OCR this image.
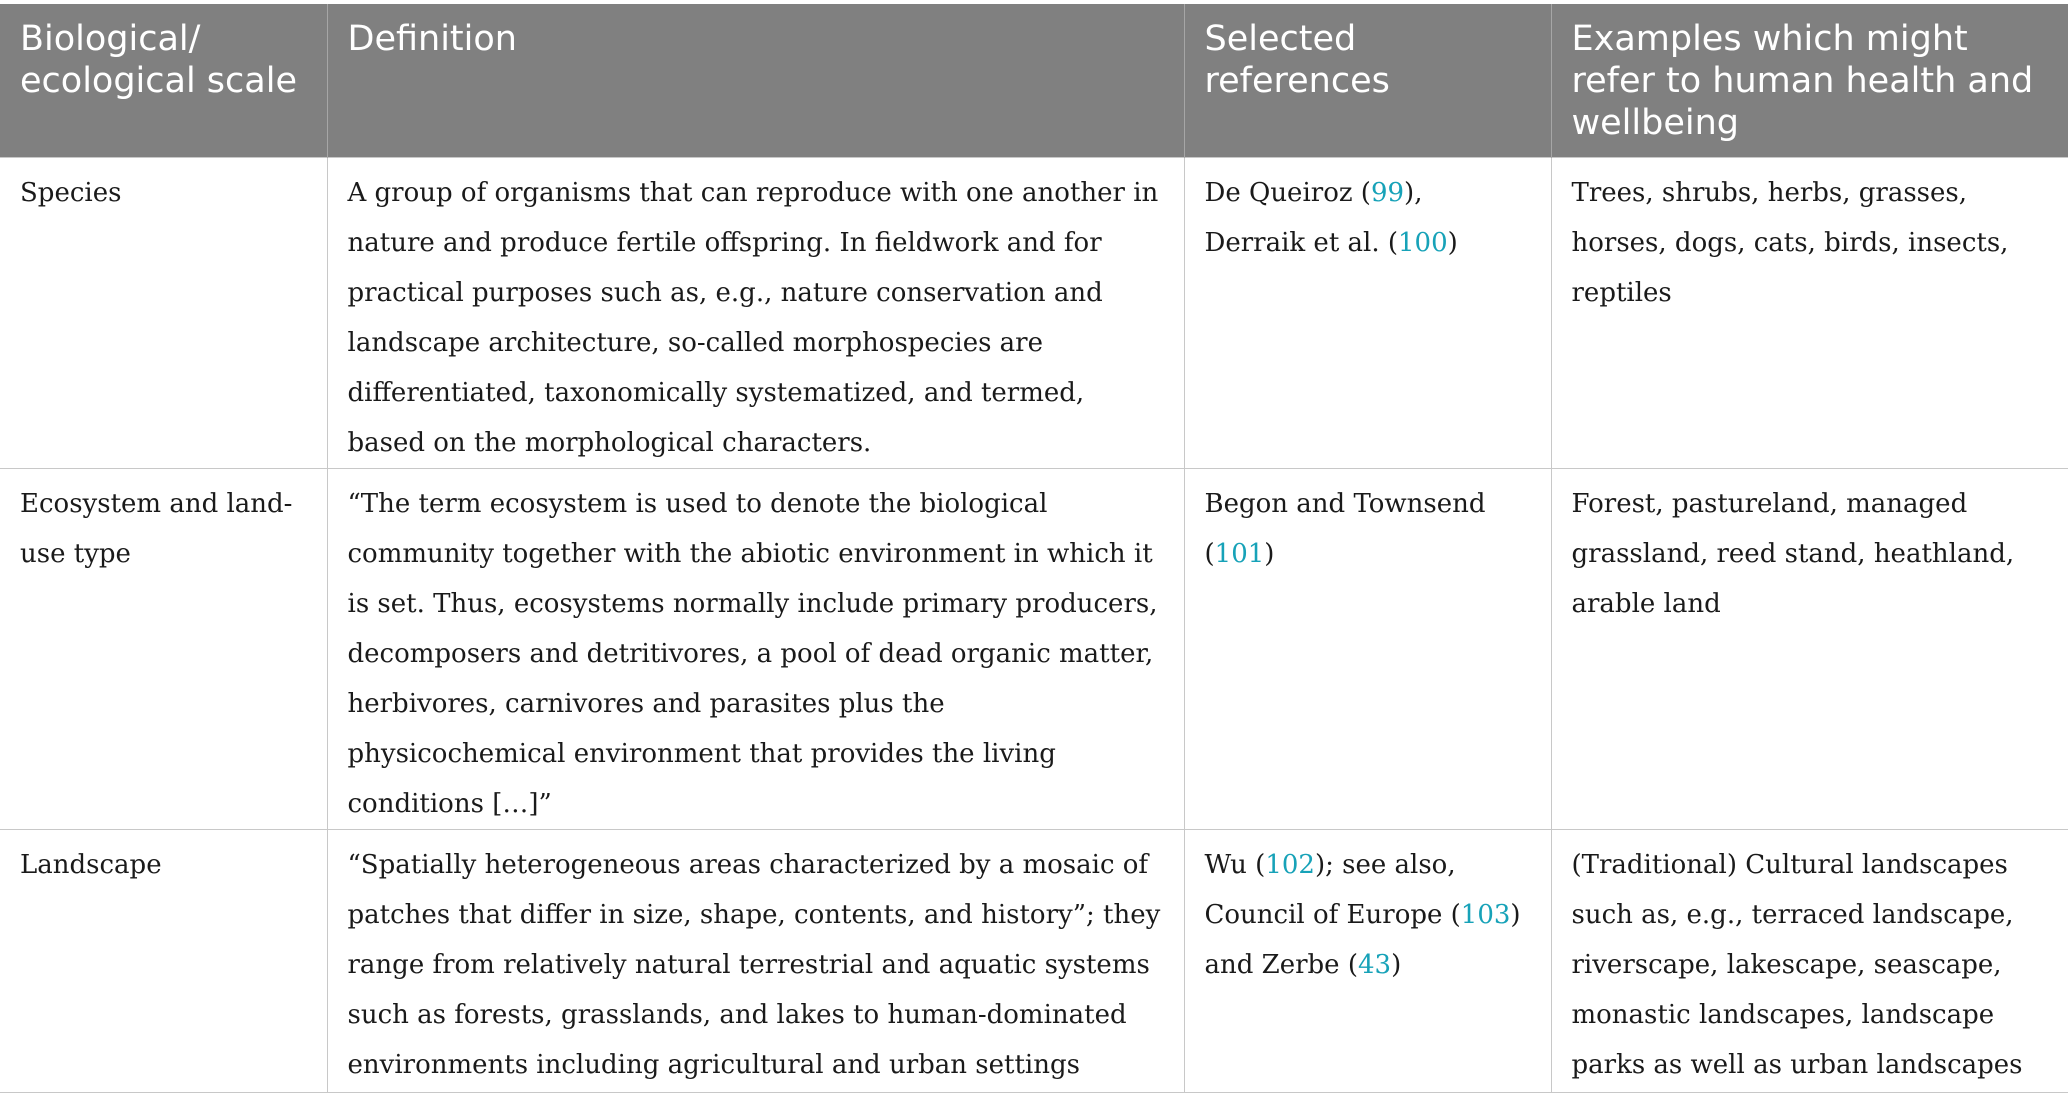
Biological/ ecological scale	Definition	Selected references	Examples which might refer to human health and wellbeing
Species	A group of organisms that can reproduce with one another in nature and produce fertile offspring. In fieldwork and for practical purposes such as, e.g., nature conservation and landscape architecture, so-called morphospecies are differentiated, taxonomically systematized, and termed, based on the morphological characters.	De Queiroz (99), Derraik et al. (100)	Trees, shrubs, herbs, grasses, horses, dogs, cats, birds, insects, reptiles
Ecosystem and land-use type	“The term ecosystem is used to denote the biological community together with the abiotic environment in which it is set. Thus, ecosystems normally include primary producers, decomposers and detritivores, a pool of dead organic matter, herbivores, carnivores and parasites plus the physicochemical environment that provides the living conditions […]”	Begon and Townsend (101)	Forest, pastureland, managed grassland, reed stand, heathland, arable land
Landscape	“Spatially heterogeneous areas characterized by a mosaic of patches that differ in size, shape, contents, and history”; they range from relatively natural terrestrial and aquatic systems such as forests, grasslands, and lakes to human-dominated environments including agricultural and urban settings	Wu (102); see also, Council of Europe (103) and Zerbe (43)	(Traditional) Cultural landscapes such as, e.g., terraced landscape, riverscape, lakescape, seascape, monastic landscapes, landscape parks as well as urban landscapes
